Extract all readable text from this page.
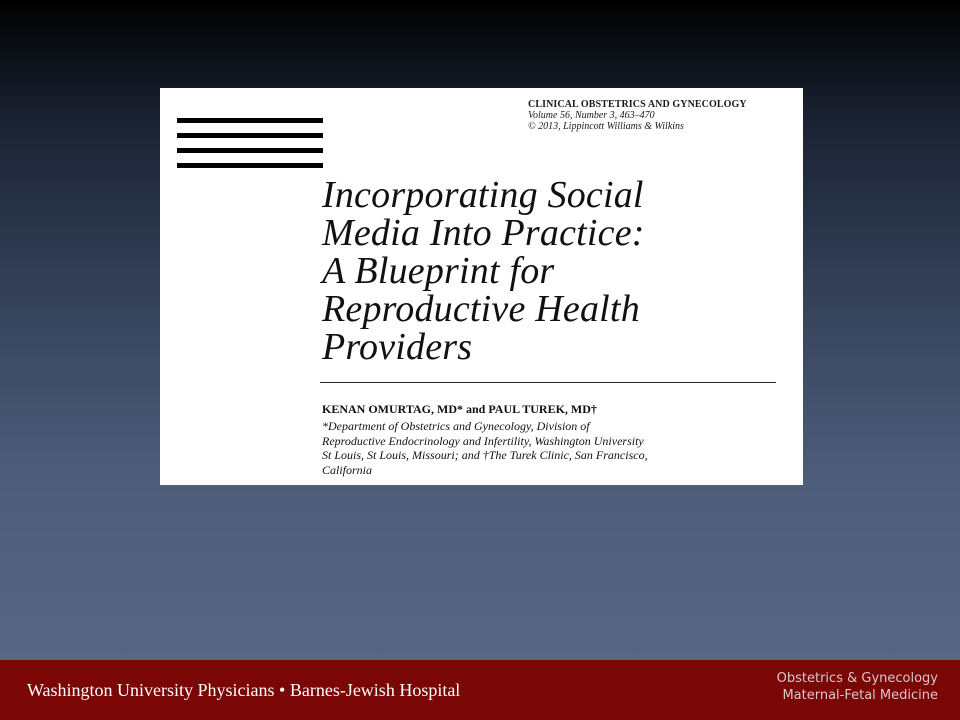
CLINICAL OBSTETRICS AND GYNECOLOGY
Volume 56, Number 3, 463–470
© 2013, Lippincott Williams & Wilkins
Incorporating Social
Media Into Practice:
A Blueprint for
Reproductive Health
Providers
KENAN OMURTAG, MD* and PAUL TUREK, MD†
*Department of Obstetrics and Gynecology, Division of
Reproductive Endocrinology and Infertility, Washington University
St Louis, St Louis, Missouri; and †The Turek Clinic, San Francisco,
California
Washington University Physicians • Barnes-Jewish Hospital
Obstetrics & Gynecology
Maternal-Fetal Medicine
